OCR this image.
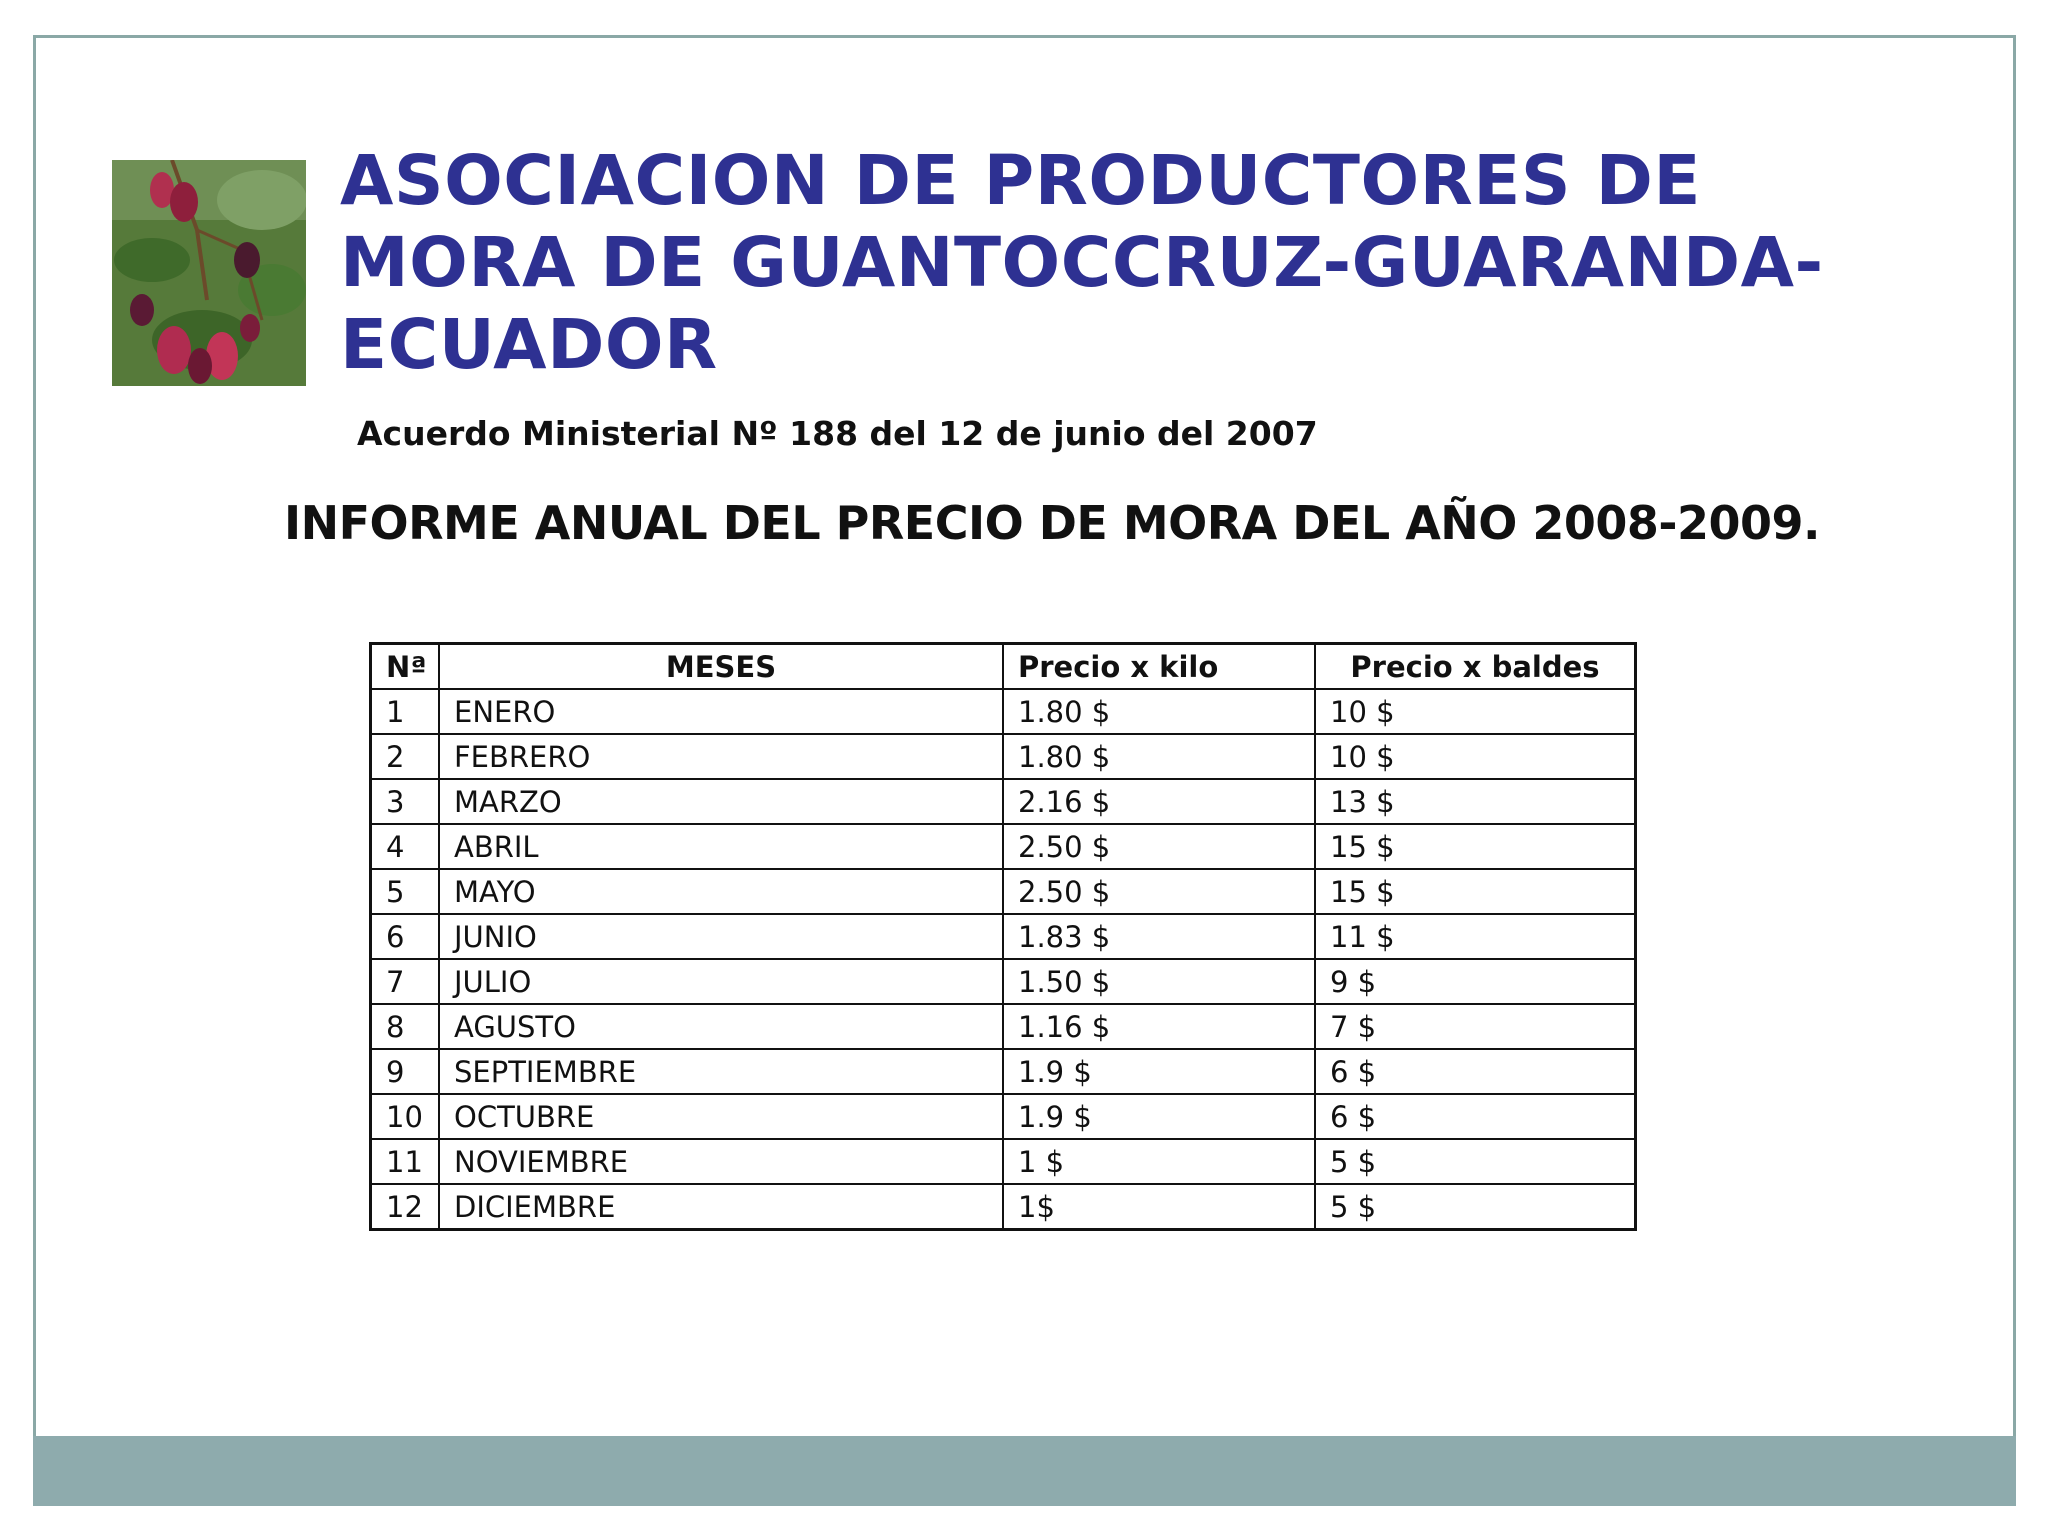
ASOCIACION DE PRODUCTORES DE
MORA DE GUANTOCCRUZ-GUARANDA-
ECUADOR
Acuerdo Ministerial Nº 188 del 12 de junio del 2007
INFORME ANUAL DEL PRECIO DE MORA DEL AÑO 2008-2009.
Nª	MESES	Precio x kilo	Precio x baldes
1	ENERO	1.80 $	10 $
2	FEBRERO	1.80 $	10 $
3	MARZO	2.16 $	13 $
4	ABRIL	2.50 $	15 $
5	MAYO	2.50 $	15 $
6	JUNIO	1.83 $	11 $
7	JULIO	1.50 $	9 $
8	AGUSTO	1.16 $	7 $
9	SEPTIEMBRE	1.9 $	6 $
10	OCTUBRE	1.9 $	6 $
11	NOVIEMBRE	1 $	5 $
12	DICIEMBRE	1$	5 $
